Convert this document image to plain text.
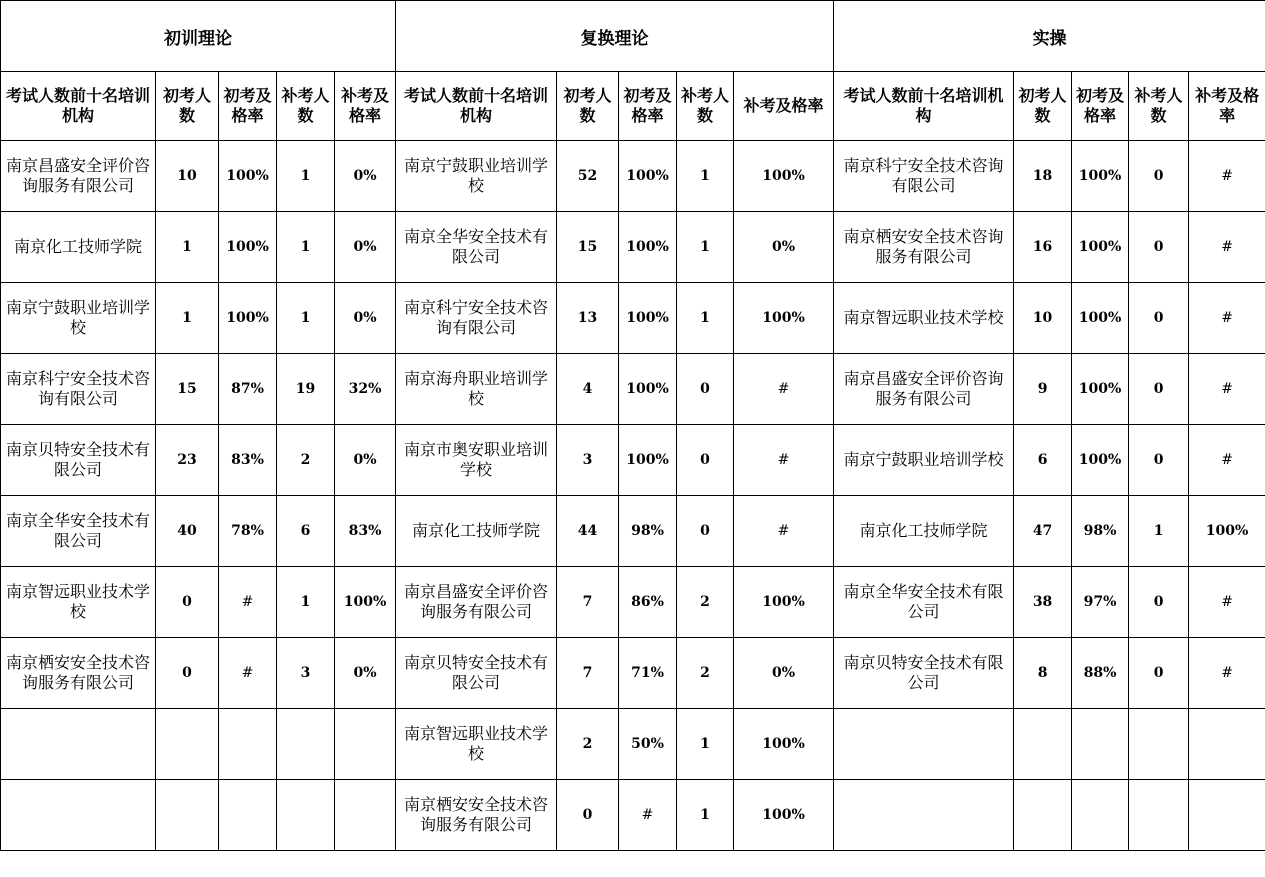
初训理论					复换理论					实操				
考试人数前十名培训机构	初考人数	初考及格率	补考人数	补考及格率	考试人数前十名培训机构	初考人数	初考及格率	补考人数	补考及格率	考试人数前十名培训机构	初考人数	初考及格率	补考人数	补考及格率
南京昌盛安全评价咨询服务有限公司	10	100%	1	0%	南京宁鼓职业培训学校	52	100%	1	100%	南京科宁安全技术咨询有限公司	18	100%	0	#
南京化工技师学院	1	100%	1	0%	南京全华安全技术有限公司	15	100%	1	0%	南京栖安安全技术咨询服务有限公司	16	100%	0	#
南京宁鼓职业培训学校	1	100%	1	0%	南京科宁安全技术咨询有限公司	13	100%	1	100%	南京智远职业技术学校	10	100%	0	#
南京科宁安全技术咨询有限公司	15	87%	19	32%	南京海舟职业培训学校	4	100%	0	#	南京昌盛安全评价咨询服务有限公司	9	100%	0	#
南京贝特安全技术有限公司	23	83%	2	0%	南京市奥安职业培训学校	3	100%	0	#	南京宁鼓职业培训学校	6	100%	0	#
南京全华安全技术有限公司	40	78%	6	83%	南京化工技师学院	44	98%	0	#	南京化工技师学院	47	98%	1	100%
南京智远职业技术学校	0	#	1	100%	南京昌盛安全评价咨询服务有限公司	7	86%	2	100%	南京全华安全技术有限公司	38	97%	0	#
南京栖安安全技术咨询服务有限公司	0	#	3	0%	南京贝特安全技术有限公司	7	71%	2	0%	南京贝特安全技术有限公司	8	88%	0	#
					南京智远职业技术学校	2	50%	1	100%					
					南京栖安安全技术咨询服务有限公司	0	#	1	100%					
